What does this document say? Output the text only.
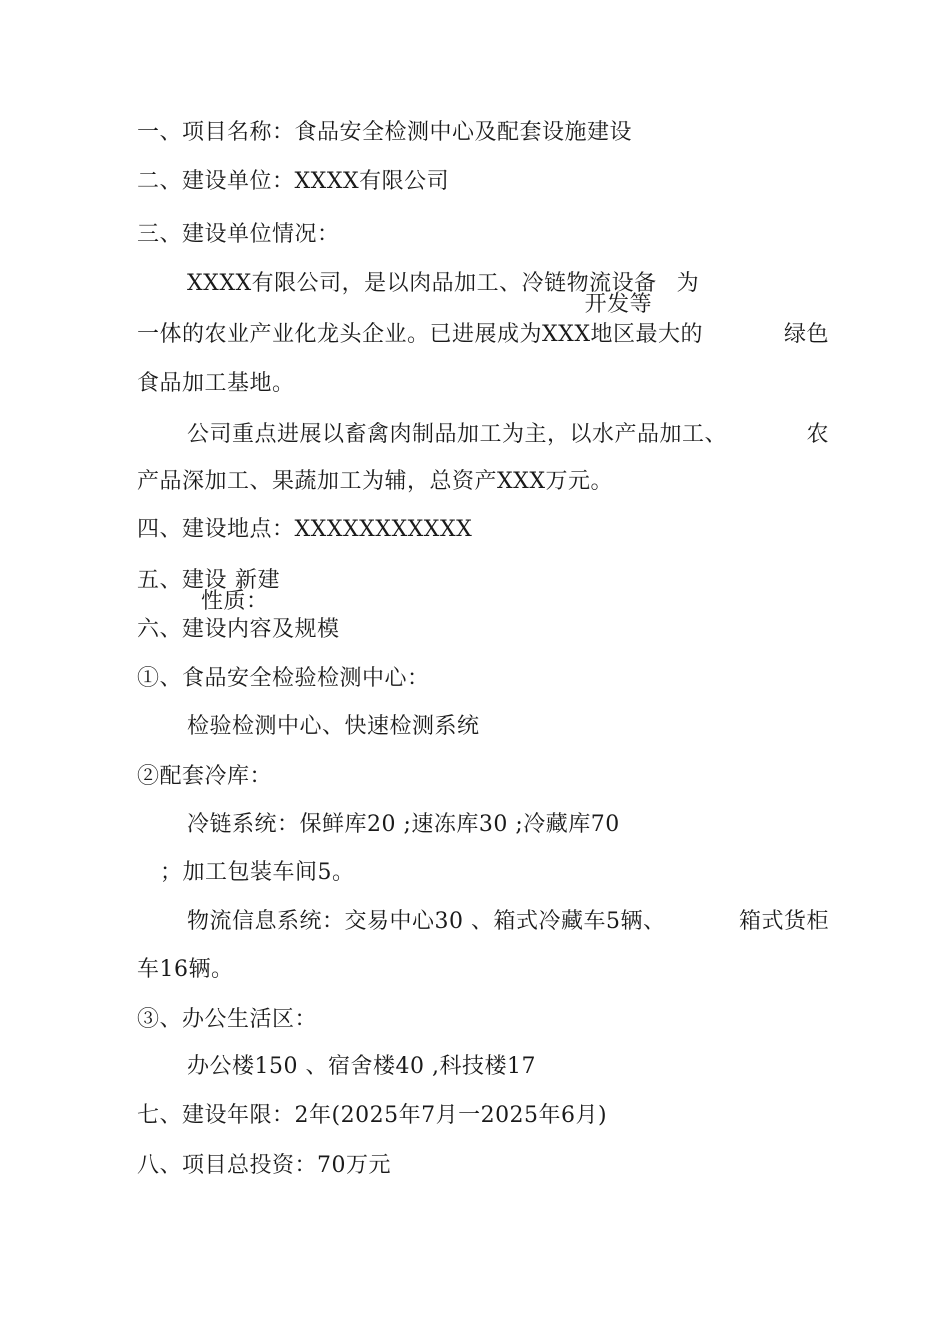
一、项目名称：食品安全检测中心及配套设施建设
二、建设单位：XXXX有限公司
三、建设单位情况：
XXXX有限公司，是以肉品加工、冷链物流设备
开发等
为
一体的农业产业化龙头企业。已进展成为XXX地区最大的	绿色
食品加工基地。
公司重点进展以畜禽肉制品加工为主，以水产品加工、	农
产品深加工、果蔬加工为辅，总资产XXX万元。
四、建设地点：XXXXXXXXXXX
五、建设
性质：
新建
六、建设内容及规模
①、食品安全检验检测中心：
检验检测中心、快速检测系统
②配套冷库：
冷链系统：保鲜库20 ;速冻库30 ;冷藏库70
；加工包装车间5。
物流信息系统：交易中心30 、箱式冷藏车5辆、	箱式货柜
车16辆。
③、办公生活区：
办公楼150 、宿舍楼40 ,科技楼17
七、建设年限：2年(2025年7月一2025年6月)
八、项目总投资：70万元
